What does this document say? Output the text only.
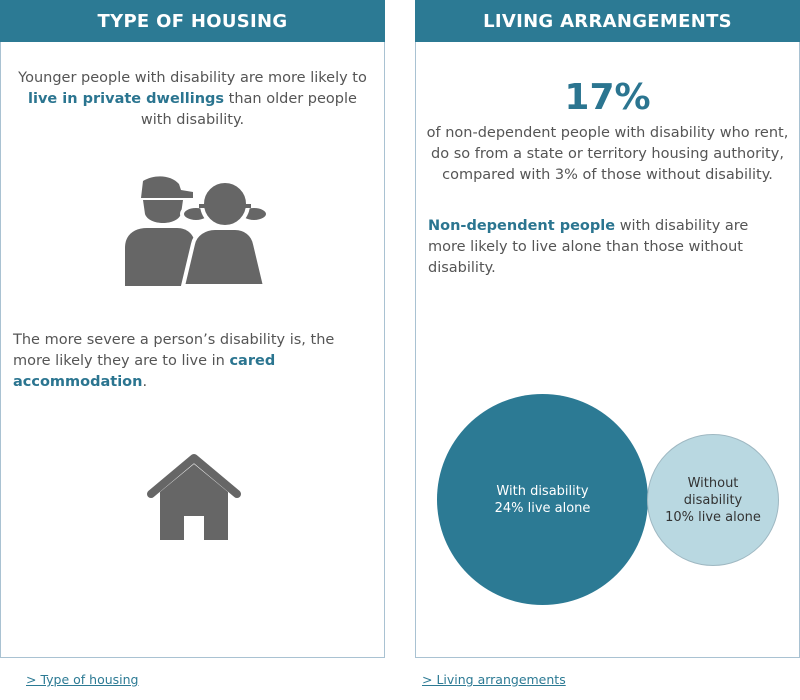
TYPE OF HOUSING

Younger people with disability are more likely to live in private dwellings than older people with disability.

The more severe a person’s disability is, the more likely they are to live in cared accommodation.

LIVING ARRANGEMENTS
17%

of non-dependent people with disability who rent, do so from a state or territory housing authority, compared with 3% of those without disability.

Non-dependent people with disability are more likely to live alone than those without disability.

With disability
24% live alone
Without
disability
10% live alone
> Type of housing	> Living arrangements
